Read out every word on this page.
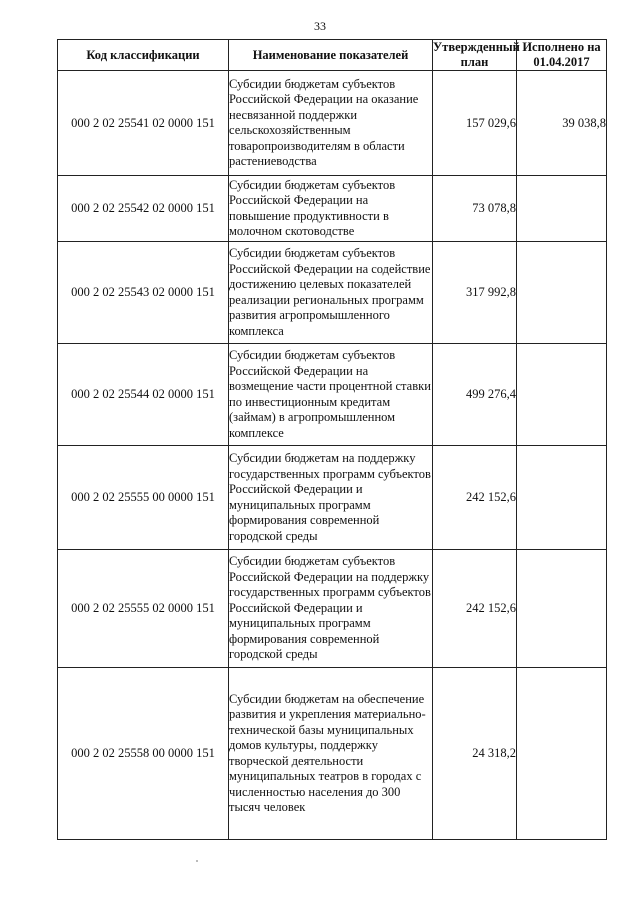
33
Код классификации	Наименование показателей	Утвержденный план	Исполнено на 01.04.2017
000 2 02 25541 02 0000 151	Субсидии бюджетам субъектов Российской Федерации на оказание несвязанной поддержки сельскохозяйственным товаропроизводителям в области растениеводства	157 029,6	39 038,8
000 2 02 25542 02 0000 151	Субсидии бюджетам субъектов Российской Федерации на повышение продуктивности в молочном скотоводстве	73 078,8	
000 2 02 25543 02 0000 151	Субсидии бюджетам субъектов Российской Федерации на содействие достижению целевых показателей реализации региональных программ развития агропромышленного комплекса	317 992,8	
000 2 02 25544 02 0000 151	Субсидии бюджетам субъектов Российской Федерации на возмещение части процентной ставки по инвестиционным кредитам (займам) в агропромышленном комплексе	499 276,4	
000 2 02 25555 00 0000 151	Субсидии бюджетам на поддержку государственных программ субъектов Российской Федерации и муниципальных программ формирования современной городской среды	242 152,6	
000 2 02 25555 02 0000 151	Субсидии бюджетам субъектов Российской Федерации на поддержку государственных программ субъектов Российской Федерации и муниципальных программ формирования современной городской среды	242 152,6	
000 2 02 25558 00 0000 151	Субсидии бюджетам на обеспечение развития и укрепления материально-технической базы муниципальных домов культуры, поддержку творческой деятельности муниципальных театров в городах с численностью населения до 300 тысяч человек	24 318,2	
